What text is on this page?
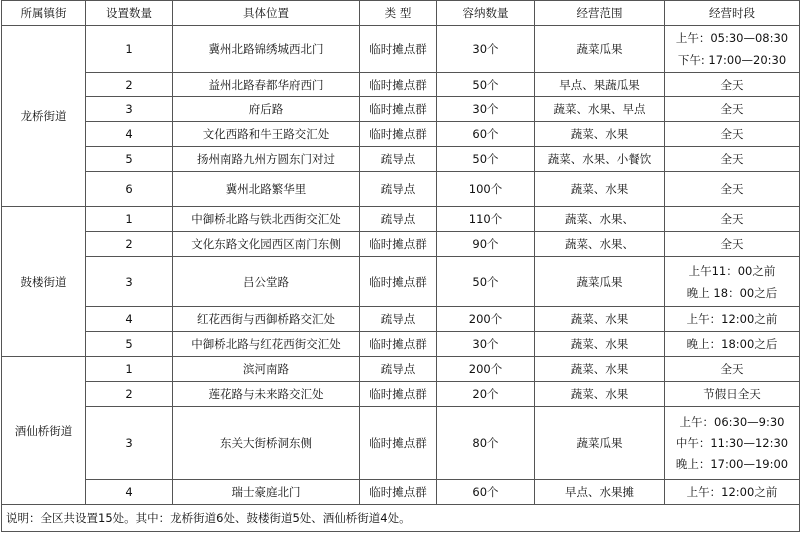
所属镇街	设置数量	具体位置	类 型	容纳数量	经营范围	经营时段
龙桥街道	1	冀州北路锦绣城西北门	临时摊点群	30个	蔬菜瓜果	上午：05:30—08:30
下午: 17:00—20:30

	2	益州北路春都华府西门	临时摊点群	50个	早点、果蔬瓜果	全天
	3	府后路	临时摊点群	30个	蔬菜、水果、早点	全天
	4	文化西路和牛王路交汇处	临时摊点群	60个	蔬菜、水果	全天
	5	扬州南路九州方圆东门对过	疏导点	50个	蔬菜、水果、小餐饮	全天
	6	冀州北路繁华里	疏导点	100个	蔬菜、水果	全天
鼓楼街道	1	中御桥北路与铁北西街交汇处	疏导点	110个	蔬菜、水果、	全天
	2	文化东路文化园西区南门东侧	临时摊点群	90个	蔬菜、水果、	全天
	3	吕公堂路	临时摊点群	50个	蔬菜瓜果	上午11：00之前
晚上 18：00之后

	4	红花西街与西御桥路交汇处	疏导点	200个	蔬菜、水果	上午：12:00之前
	5	中御桥北路与红花西街交汇处	临时摊点群	30个	蔬菜、水果	晚上：18:00之后
酒仙桥街道	1	滨河南路	疏导点	200个	蔬菜、水果	全天
	2	莲花路与未来路交汇处	临时摊点群	20个	蔬菜、水果	节假日全天
	3	东关大街桥洞东侧	临时摊点群	80个	蔬菜瓜果	上午：06:30—9:30
中午：11:30—12:30
晚上：17:00—19:00

	4	瑞士豪庭北门	临时摊点群	60个	早点、水果摊	上午：12:00之前
说明：全区共设置15处。其中：龙桥街道6处、鼓楼街道5处、酒仙桥街道4处。						
